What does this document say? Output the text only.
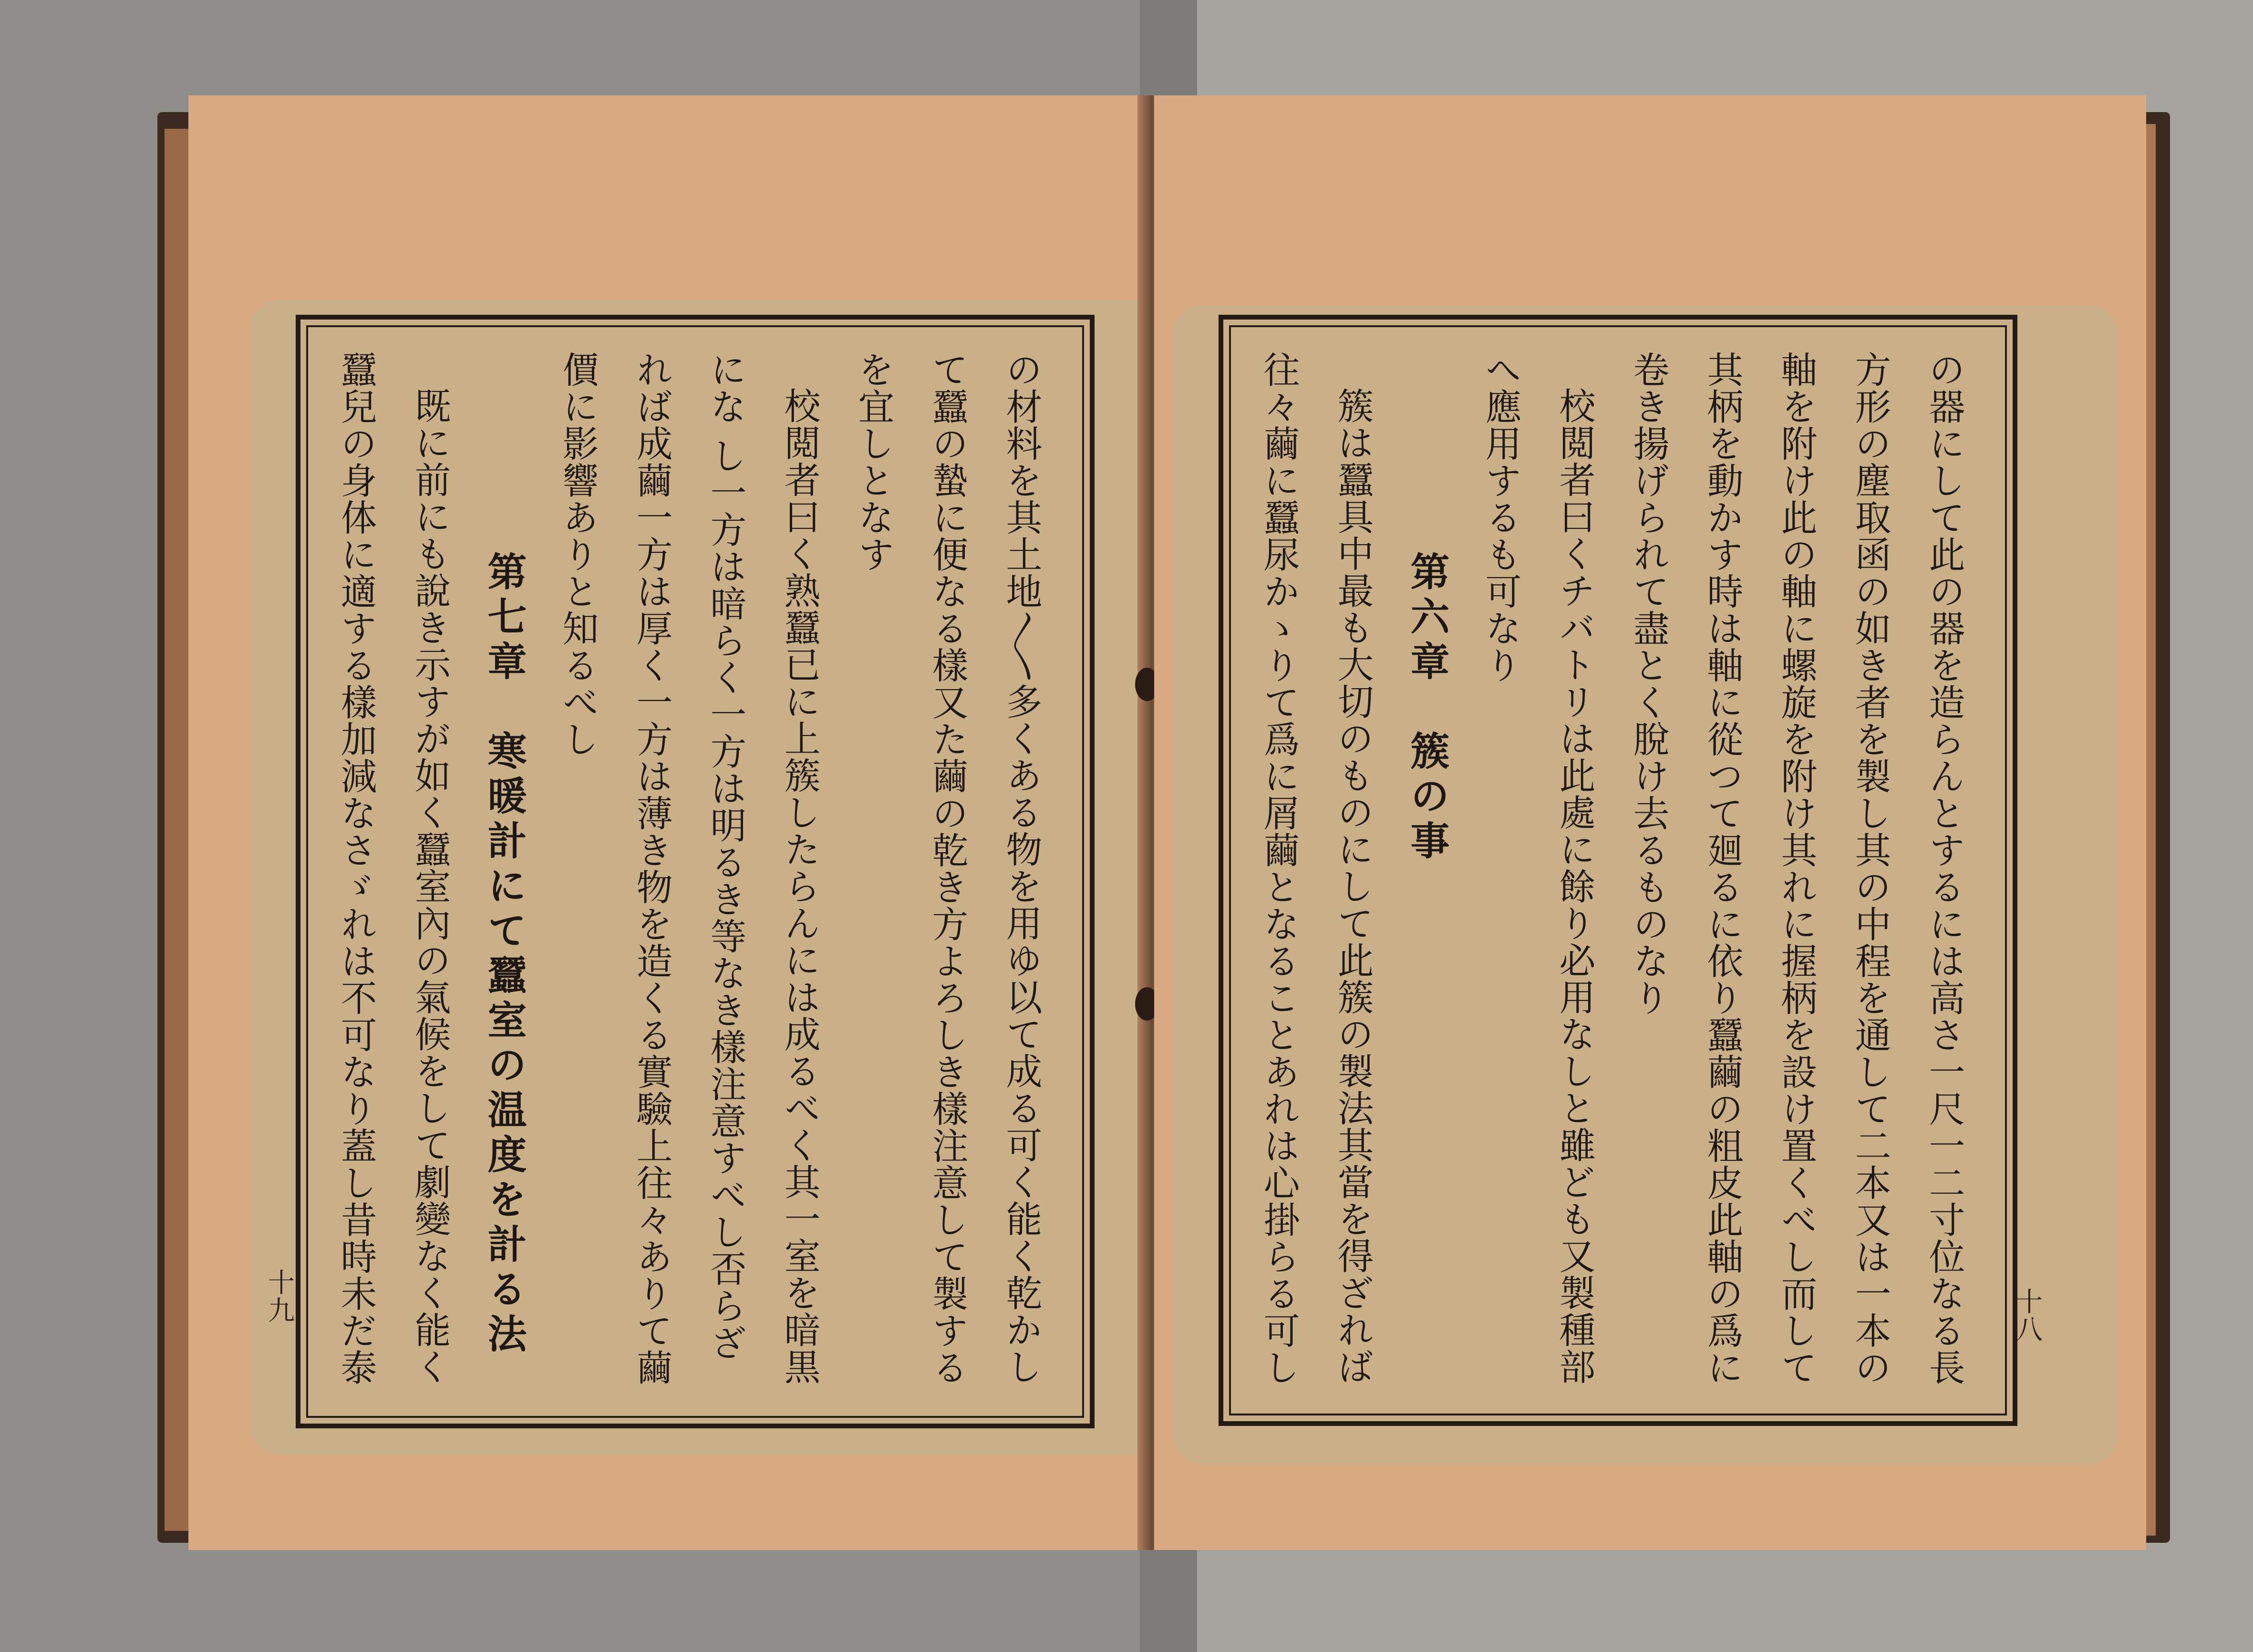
の材料を其土地〳〵多くある物を用ゆ以て成る可く能く乾かして蠶の蟄に便なる樣又た繭の乾き方よろしき樣注意して製するを宜しとなす

校閲者曰く熟蠶已に上簇したらんには成るべく其一室を暗黒にな し一方は暗らく一方は明るき等なき樣注意すべし否らざれば成繭一方は厚く一方は薄き物を造くる實驗上往々ありて繭價に影響ありと知るべし

第七章　寒暖計にて蠶室の温度を計る法

既に前にも說き示すが如く蠶室內の氣候をして劇變なく能く蠶兒の身体に適する樣加減なさゞれは不可なり蓋し昔時未だ泰

十九	の器にして此の器を造らんとするには高さ一尺一二寸位なる長方形の塵取函の如き者を製し其の中程を通して二本又は一本の軸を附け此の軸に螺旋を附け其れに握柄を設け置くべし而して其柄を動かす時は軸に從つて廻るに依り蠶繭の粗皮此軸の爲に卷き揚げられて盡とく脫け去るものなり

校閲者曰くチバトリは此處に餘り必用なしと雖ども又製種部へ應用するも可なり

第六章　簇の事

簇は蠶具中最も大切のものにして此簇の製法其當を得ざれば往々繭に蠶尿かゝりて爲に屑繭となることあれは心掛らる可し

十八
